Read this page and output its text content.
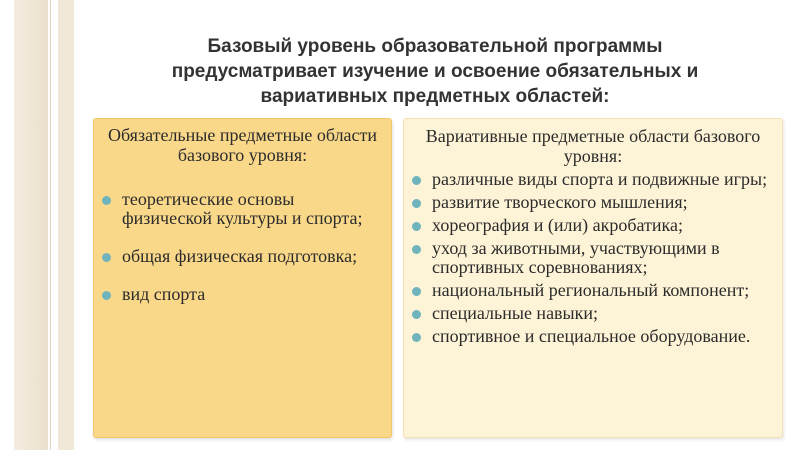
Базовый уровень образовательной программы предусматривает изучение и освоение обязательных и вариативных предметных областей:
Обязательные предметные области базового уровня:
теоретические основы физической культуры и спорта;
общая физическая подготовка;
вид спорта
Вариативные предметные области базового уровня:
различные виды спорта и подвижные игры;
развитие творческого мышления;
хореография и (или) акробатика;
уход за животными, участвующими в спортивных соревнованиях;
национальный региональный компонент;
специальные навыки;
спортивное и специальное оборудование.
